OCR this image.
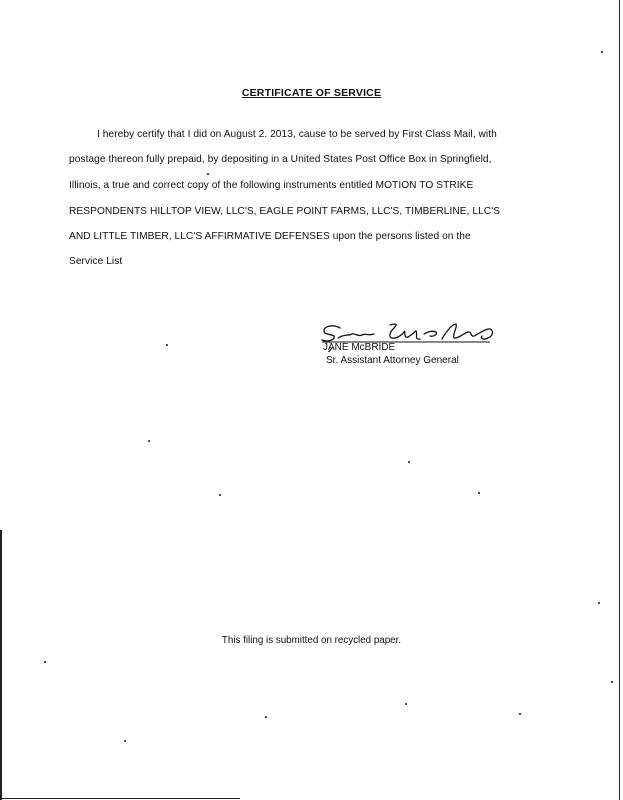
CERTIFICATE OF SERVICE
I hereby certify that I did on August 2. 2013, cause to be served by First Class Mail, with
postage thereon fully prepaid, by depositing in a United States Post Office Box in Springfield,
Illinois, a true and correct copy of the following instruments entitled MOTION TO STRIKE
RESPONDENTS HILLTOP VIEW, LLC'S, EAGLE POINT FARMS, LLC'S, TIMBERLINE, LLC'S
AND LITTLE TIMBER, LLC'S AFFIRMATIVE DEFENSES upon the persons listed on the
Service List
JANE McBRIDE
Sr. Assistant Attorney General
This filing is submitted on recycled paper.
